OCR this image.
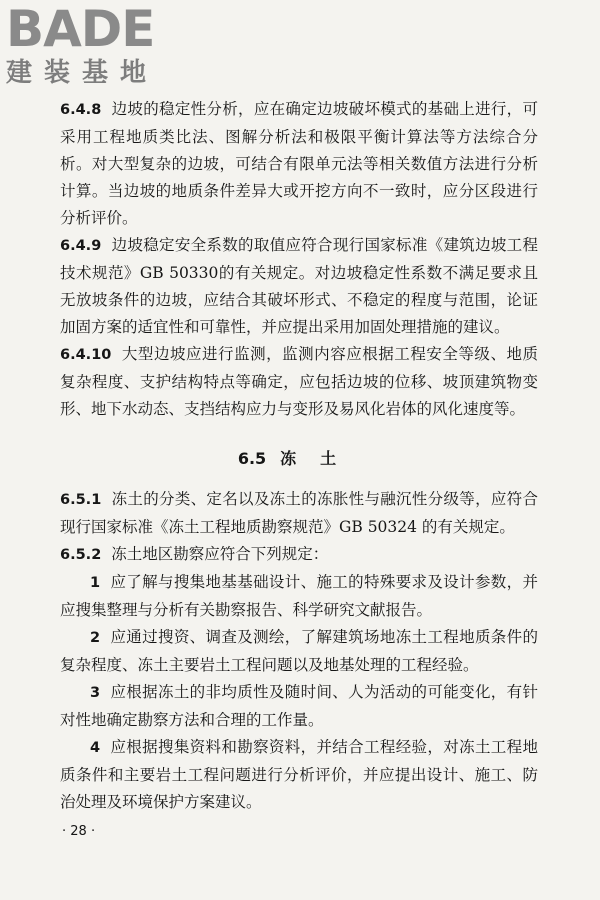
BADE
建装基地

6.4.8 边坡的稳定性分析，应在确定边坡破坏模式的基础上进行，可采用工程地质类比法、图解分析法和极限平衡计算法等方法综合分析。对大型复杂的边坡，可结合有限单元法等相关数值方法进行分析计算。当边坡的地质条件差异大或开挖方向不一致时，应分区段进行分析评价。

6.4.9 边坡稳定安全系数的取值应符合现行国家标准《建筑边坡工程技术规范》GB 50330的有关规定。对边坡稳定性系数不满足要求且无放坡条件的边坡，应结合其破坏形式、不稳定的程度与范围，论证加固方案的适宜性和可靠性，并应提出采用加固处理措施的建议。

6.4.10 大型边坡应进行监测，监测内容应根据工程安全等级、地质复杂程度、支护结构特点等确定，应包括边坡的位移、坡顶建筑物变形、地下水动态、支挡结构应力与变形及易风化岩体的风化速度等。

6.5 冻土

6.5.1 冻土的分类、定名以及冻土的冻胀性与融沉性分级等，应符合现行国家标准《冻土工程地质勘察规范》GB 50324 的有关规定。

6.5.2 冻土地区勘察应符合下列规定：

1 应了解与搜集地基基础设计、施工的特殊要求及设计参数，并应搜集整理与分析有关勘察报告、科学研究文献报告。

2 应通过搜资、调查及测绘，了解建筑场地冻土工程地质条件的复杂程度、冻土主要岩土工程问题以及地基处理的工程经验。

3 应根据冻土的非均质性及随时间、人为活动的可能变化，有针对性地确定勘察方法和合理的工作量。

4 应根据搜集资料和勘察资料，并结合工程经验，对冻土工程地质条件和主要岩土工程问题进行分析评价，并应提出设计、施工、防治处理及环境保护方案建议。

· 28 ·
